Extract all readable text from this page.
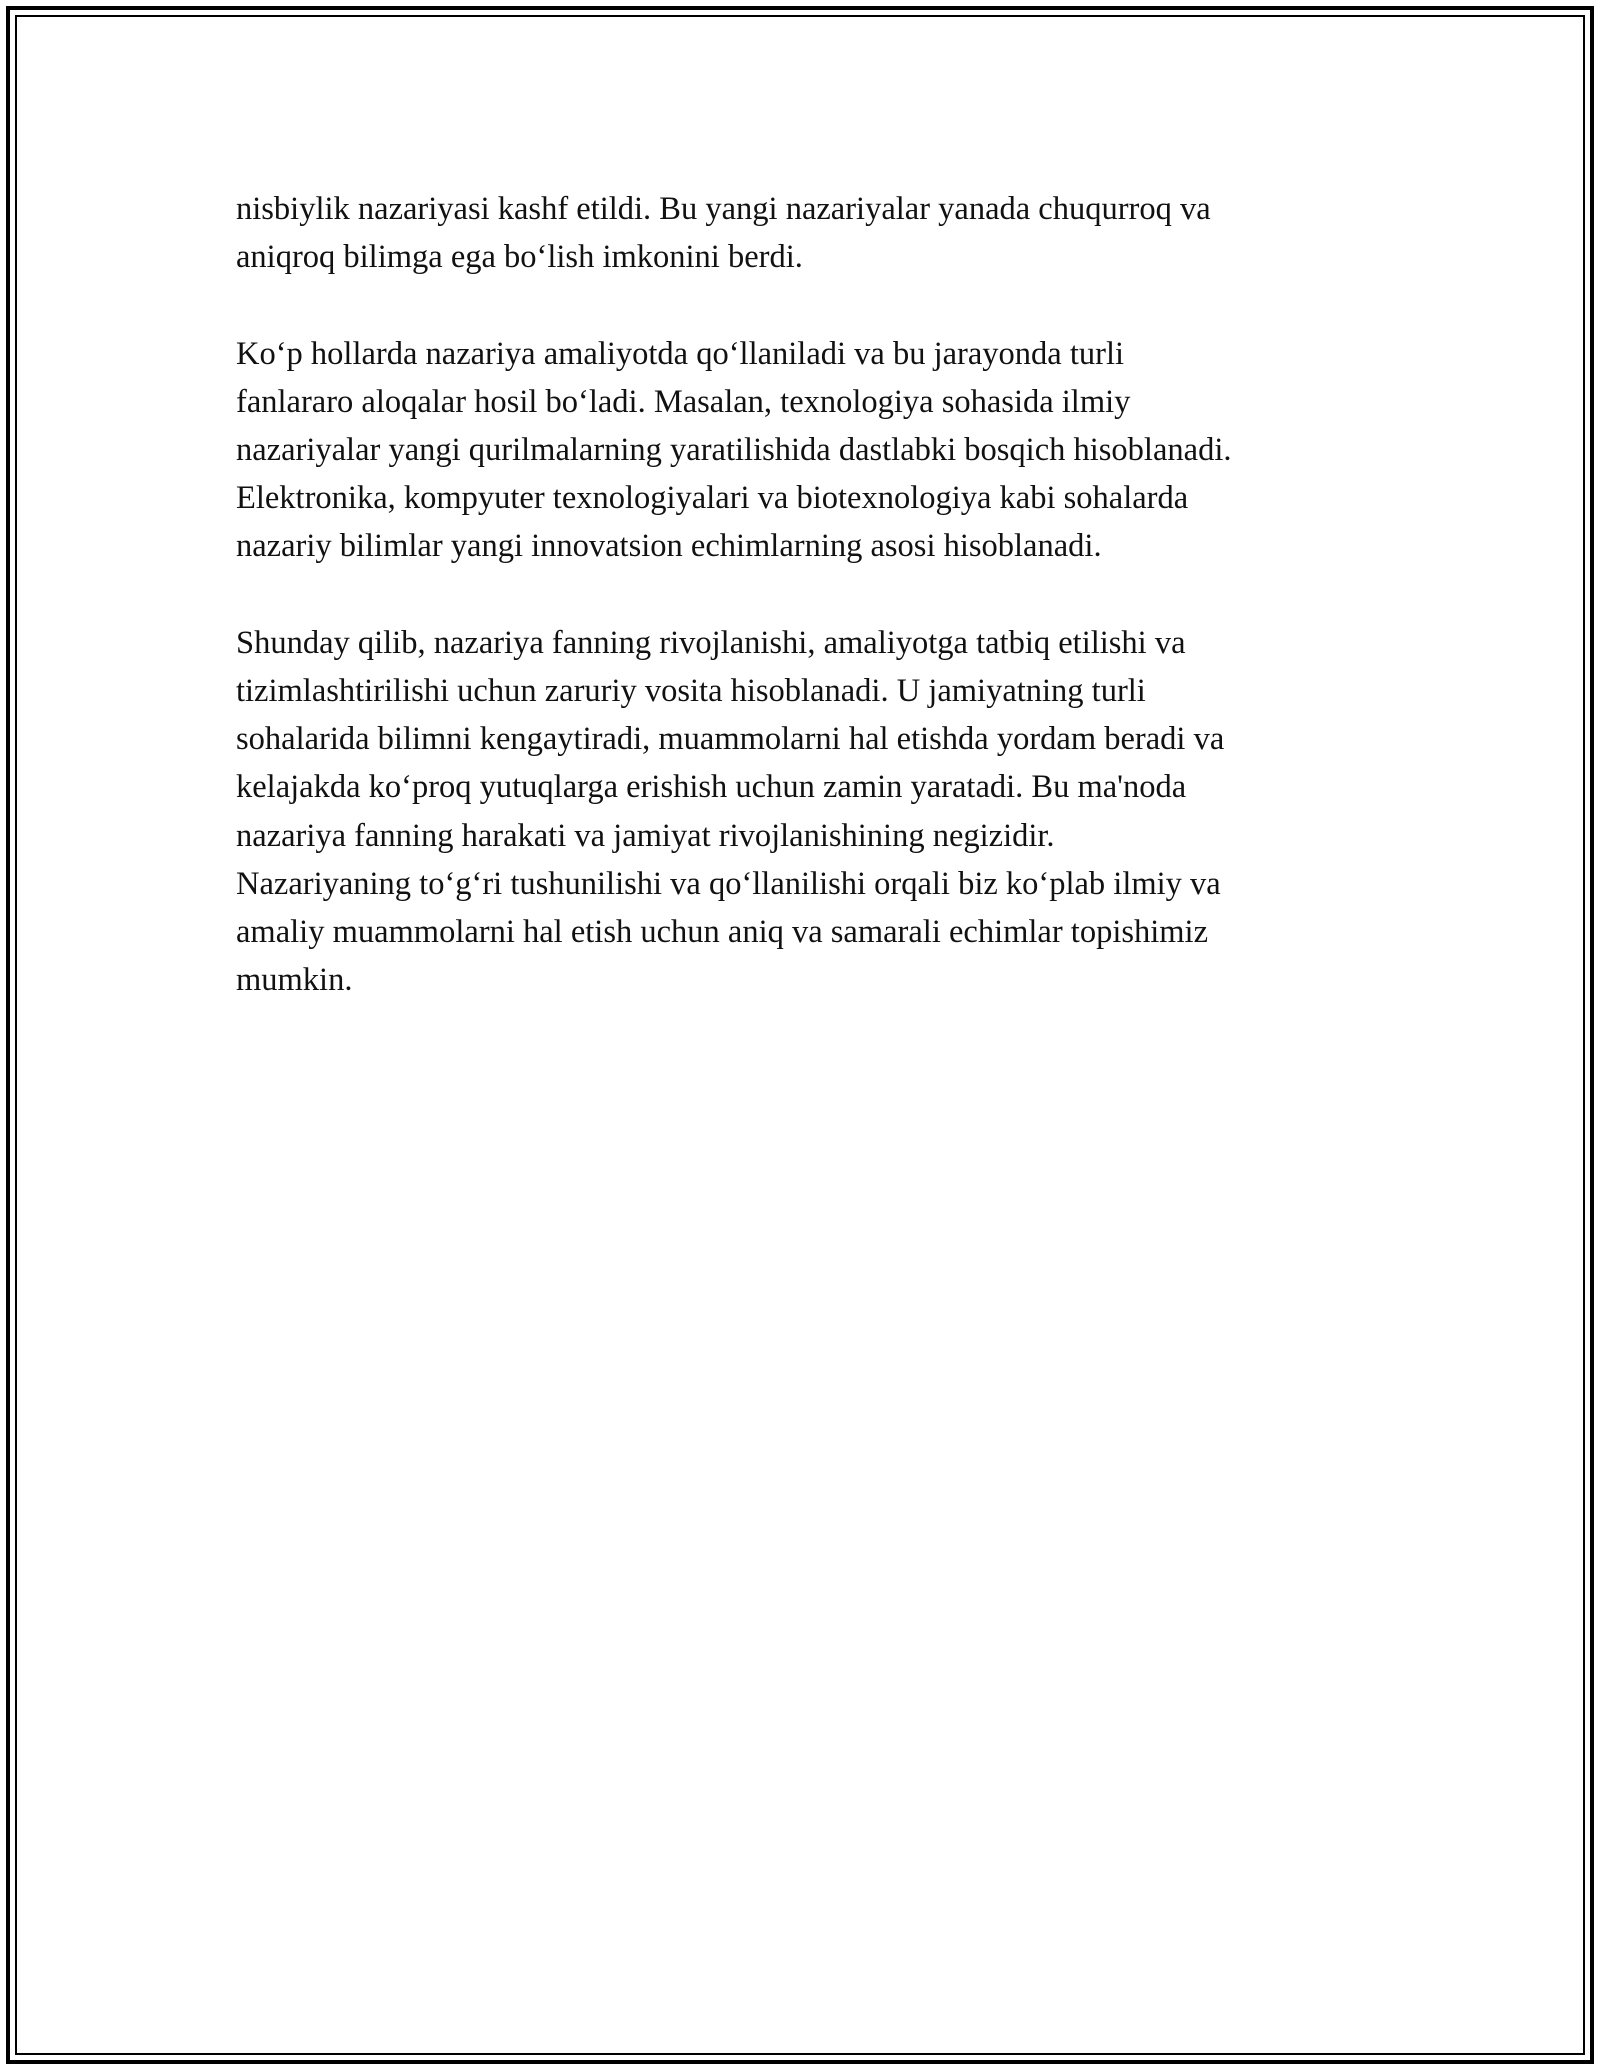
nisbiylik nazariyasi kashf etildi. Bu yangi nazariyalar yanada chuqurroq va
aniqroq bilimga ega bo‘lish imkonini berdi.

Ko‘p hollarda nazariya amaliyotda qo‘llaniladi va bu jarayonda turli
fanlararo aloqalar hosil bo‘ladi. Masalan, texnologiya sohasida ilmiy
nazariyalar yangi qurilmalarning yaratilishida dastlabki bosqich hisoblanadi.
Elektronika, kompyuter texnologiyalari va biotexnologiya kabi sohalarda
nazariy bilimlar yangi innovatsion echimlarning asosi hisoblanadi.

Shunday qilib, nazariya fanning rivojlanishi, amaliyotga tatbiq etilishi va
tizimlashtirilishi uchun zaruriy vosita hisoblanadi. U jamiyatning turli
sohalarida bilimni kengaytiradi, muammolarni hal etishda yordam beradi va
kelajakda ko‘proq yutuqlarga erishish uchun zamin yaratadi. Bu ma'noda
nazariya fanning harakati va jamiyat rivojlanishining negizidir.
Nazariyaning to‘g‘ri tushunilishi va qo‘llanilishi orqali biz ko‘plab ilmiy va
amaliy muammolarni hal etish uchun aniq va samarali echimlar topishimiz
mumkin.
